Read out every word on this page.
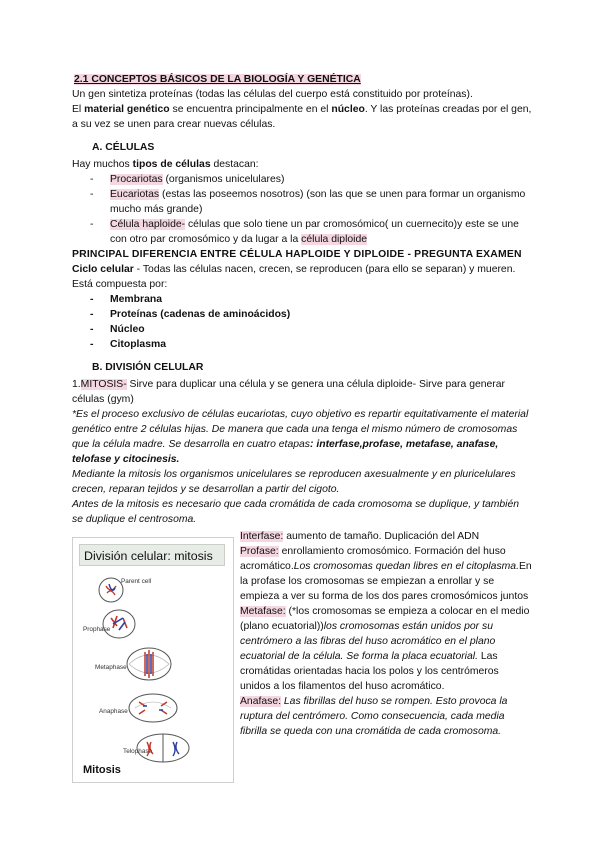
2.1 CONCEPTOS BÁSICOS DE LA BIOLOGÍA Y GENÉTICA

Un gen sintetiza proteínas (todas las células del cuerpo está constituido por proteínas).

El material genético se encuentra principalmente en el núcleo. Y las proteínas creadas por el gen, a su vez se unen para crear nuevas células.

A. CÉLULAS

Hay muchos tipos de células destacan:

- Procariotas (organismos unicelulares)
- Eucariotas (estas las poseemos nosotros) (son las que se unen para formar un organismo mucho más grande)
- Célula haploide- células que solo tiene un par cromosómico( un cuernecito)y este se une con otro par cromosómico y da lugar a la célula diploide

PRINCIPAL DIFERENCIA ENTRE CÉLULA HAPLOIDE Y DIPLOIDE - PREGUNTA EXAMEN

Ciclo celular - Todas las células nacen, crecen, se reproducen (para ello se separan) y mueren.

Está compuesta por:

- Membrana
- Proteínas (cadenas de aminoácidos)
- Núcleo
- Citoplasma

B. DIVISIÓN CELULAR

1.MITOSIS- Sirve para duplicar una célula y se genera una célula diploide- Sirve para generar células (gym)

*Es el proceso exclusivo de células eucariotas, cuyo objetivo es repartir equitativamente el material genético entre 2 células hijas. De manera que cada una tenga el mismo número de cromosomas que la célula madre. Se desarrolla en cuatro etapas: interfase,profase, metafase, anafase, telofase y citocinesis.

Mediante la mitosis los organismos unicelulares se reproducen axesualmente y en pluricelulares crecen, reparan tejidos y se desarrollan a partir del cigoto.

Antes de la mitosis es necesario que cada cromátida de cada cromosoma se duplique, y también se duplique el centrosoma.

División celular: mitosis
Parent cell
Prophase
Metaphase
Anaphase
Telophase
Mitosis

Interfase: aumento de tamaño. Duplicación del ADN

Profase: enrollamiento cromosómico. Formación del huso acromático.Los cromosomas quedan libres en el citoplasma.En la profase los cromosomas se empiezan a enrollar y se empieza a ver su forma de los dos pares cromosómicos juntos

Metafase: (*los cromosomas se empieza a colocar en el medio (plano ecuatorial))los cromosomas están unidos por su centrómero a las fibras del huso acromático en el plano ecuatorial de la célula. Se forma la placa ecuatorial. Las cromátidas orientadas hacia los polos y los centrómeros unidos a los filamentos del huso acromático.

Anafase: Las fibrillas del huso se rompen. Esto provoca la ruptura del centrómero. Como consecuencia, cada media fibrilla se queda con una cromátida de cada cromosoma.
